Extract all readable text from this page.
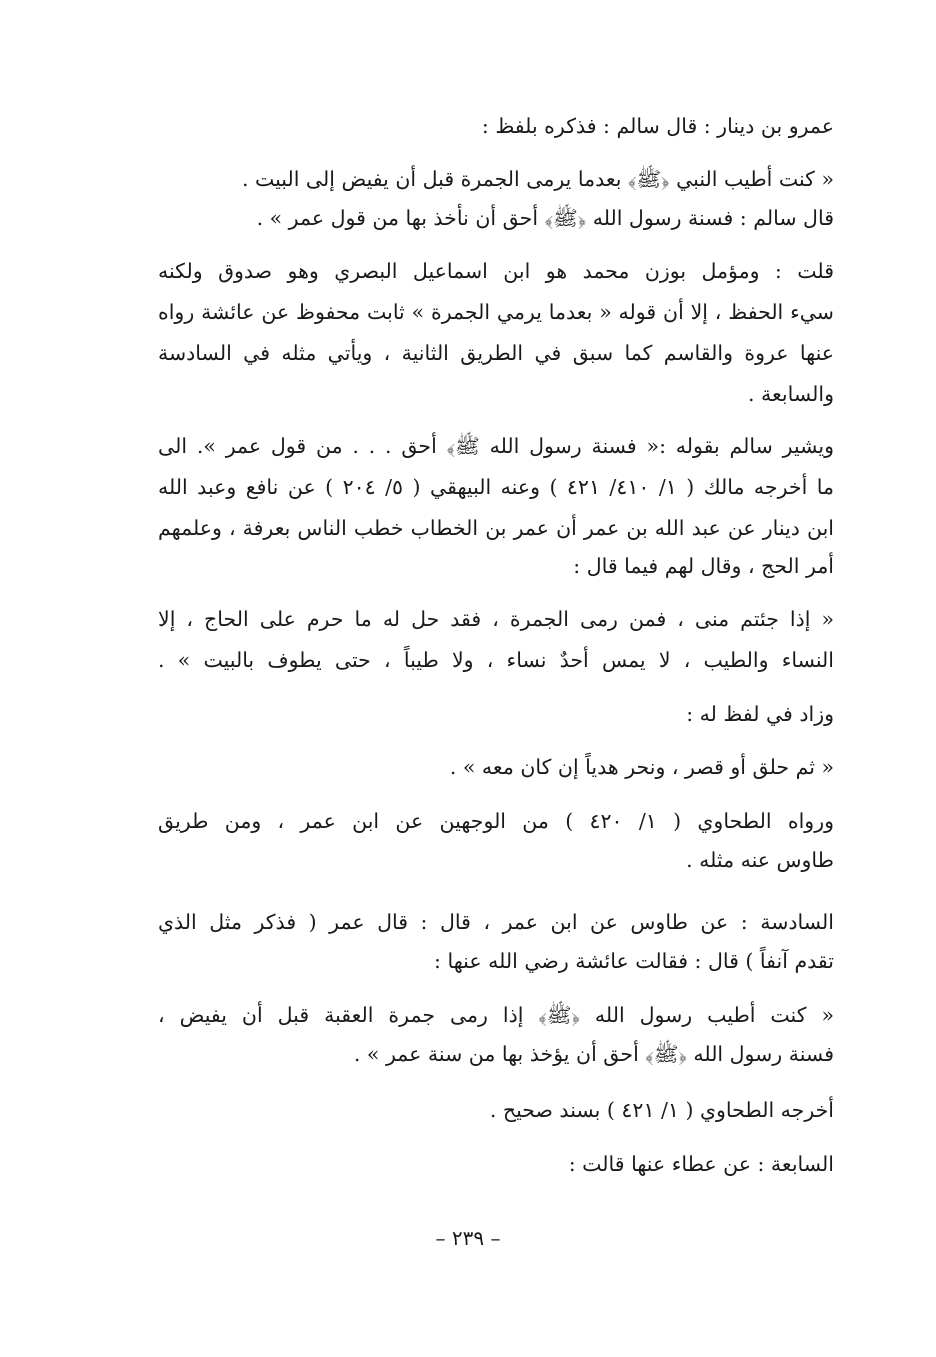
عمرو بن دينار : قال سالم : فذكره بلفظ :
« كنت أطيب النبي ﴿ﷺ﴾ بعدما يرمى الجمرة قبل أن يفيض إلى البيت .
قال سالم : فسنة رسول الله ﴿ﷺ﴾ أحق أن نأخذ بها من قول عمر » .
قلت : ومؤمل بوزن محمد هو ابن اسماعيل البصري وهو صدوق ولكنه
سيء الحفظ ، إلا أن قوله « بعدما يرمي الجمرة » ثابت محفوظ عن عائشة رواه
عنها عروة والقاسم كما سبق في الطريق الثانية ، ويأتي مثله في السادسة
والسابعة .
ويشير سالم بقوله :« فسنة رسول الله ﷺ﴾ أحق . . . من قول عمر ». الى
ما أخرجه مالك ( ١/ ٤١٠/ ٤٢١ ) وعنه البيهقي ( ٥/ ٢٠٤ ) عن نافع وعبد الله
ابن دينار عن عبد الله بن عمر أن عمر بن الخطاب خطب الناس بعرفة ، وعلمهم
أمر الحج ، وقال لهم فيما قال :
« إذا جئتم منى ، فمن رمى الجمرة ، فقد حل له ما حرم على الحاج ، إلا
النساء والطيب ، لا يمس أحدٌ نساء ، ولا طيباً ، حتى يطوف بالبيت » .
وزاد في لفظ له :
« ثم حلق أو قصر ، ونحر هدياً إن كان معه » .
ورواه الطحاوي ( ١/ ٤٢٠ ) من الوجهين عن ابن عمر ، ومن طريق
طاوس عنه مثله .
السادسة : عن طاوس عن ابن عمر ، قال : قال عمر ( فذكر مثل الذي
تقدم آنفاً ) قال : فقالت عائشة رضي الله عنها :
« كنت أطيب رسول الله ﴿ﷺ﴾ إذا رمى جمرة العقبة قبل أن يفيض ،
فسنة رسول الله ﴿ﷺ﴾ أحق أن يؤخذ بها من سنة عمر » .
أخرجه الطحاوي ( ١/ ٤٢١ ) بسند صحيح .
السابعة : عن عطاء عنها قالت :
– ٢٣٩ –
